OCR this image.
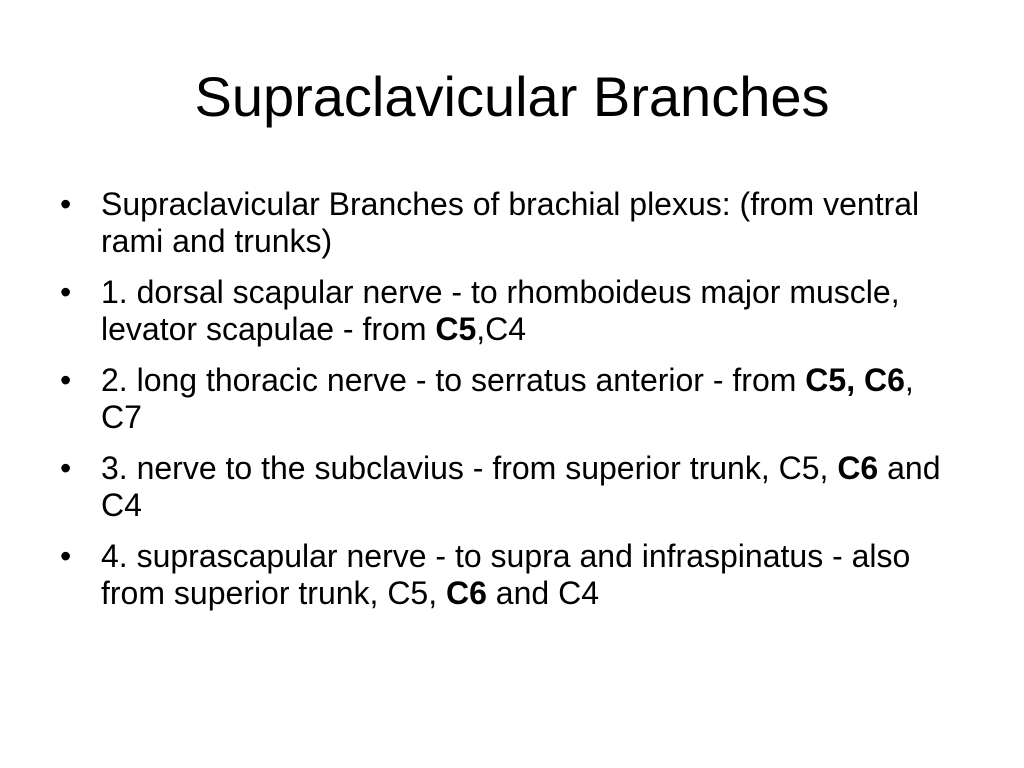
Supraclavicular Branches
• Supraclavicular Branches of brachial plexus: (from ventral rami and trunks)
• 1. dorsal scapular nerve - to rhomboideus major muscle, levator scapulae - from C5,C4
• 2. long thoracic nerve - to serratus anterior - from C5, C6, C7
• 3. nerve to the subclavius - from superior trunk, C5, C6 and C4
• 4. suprascapular nerve - to supra and infraspinatus - also from superior trunk, C5, C6 and C4
